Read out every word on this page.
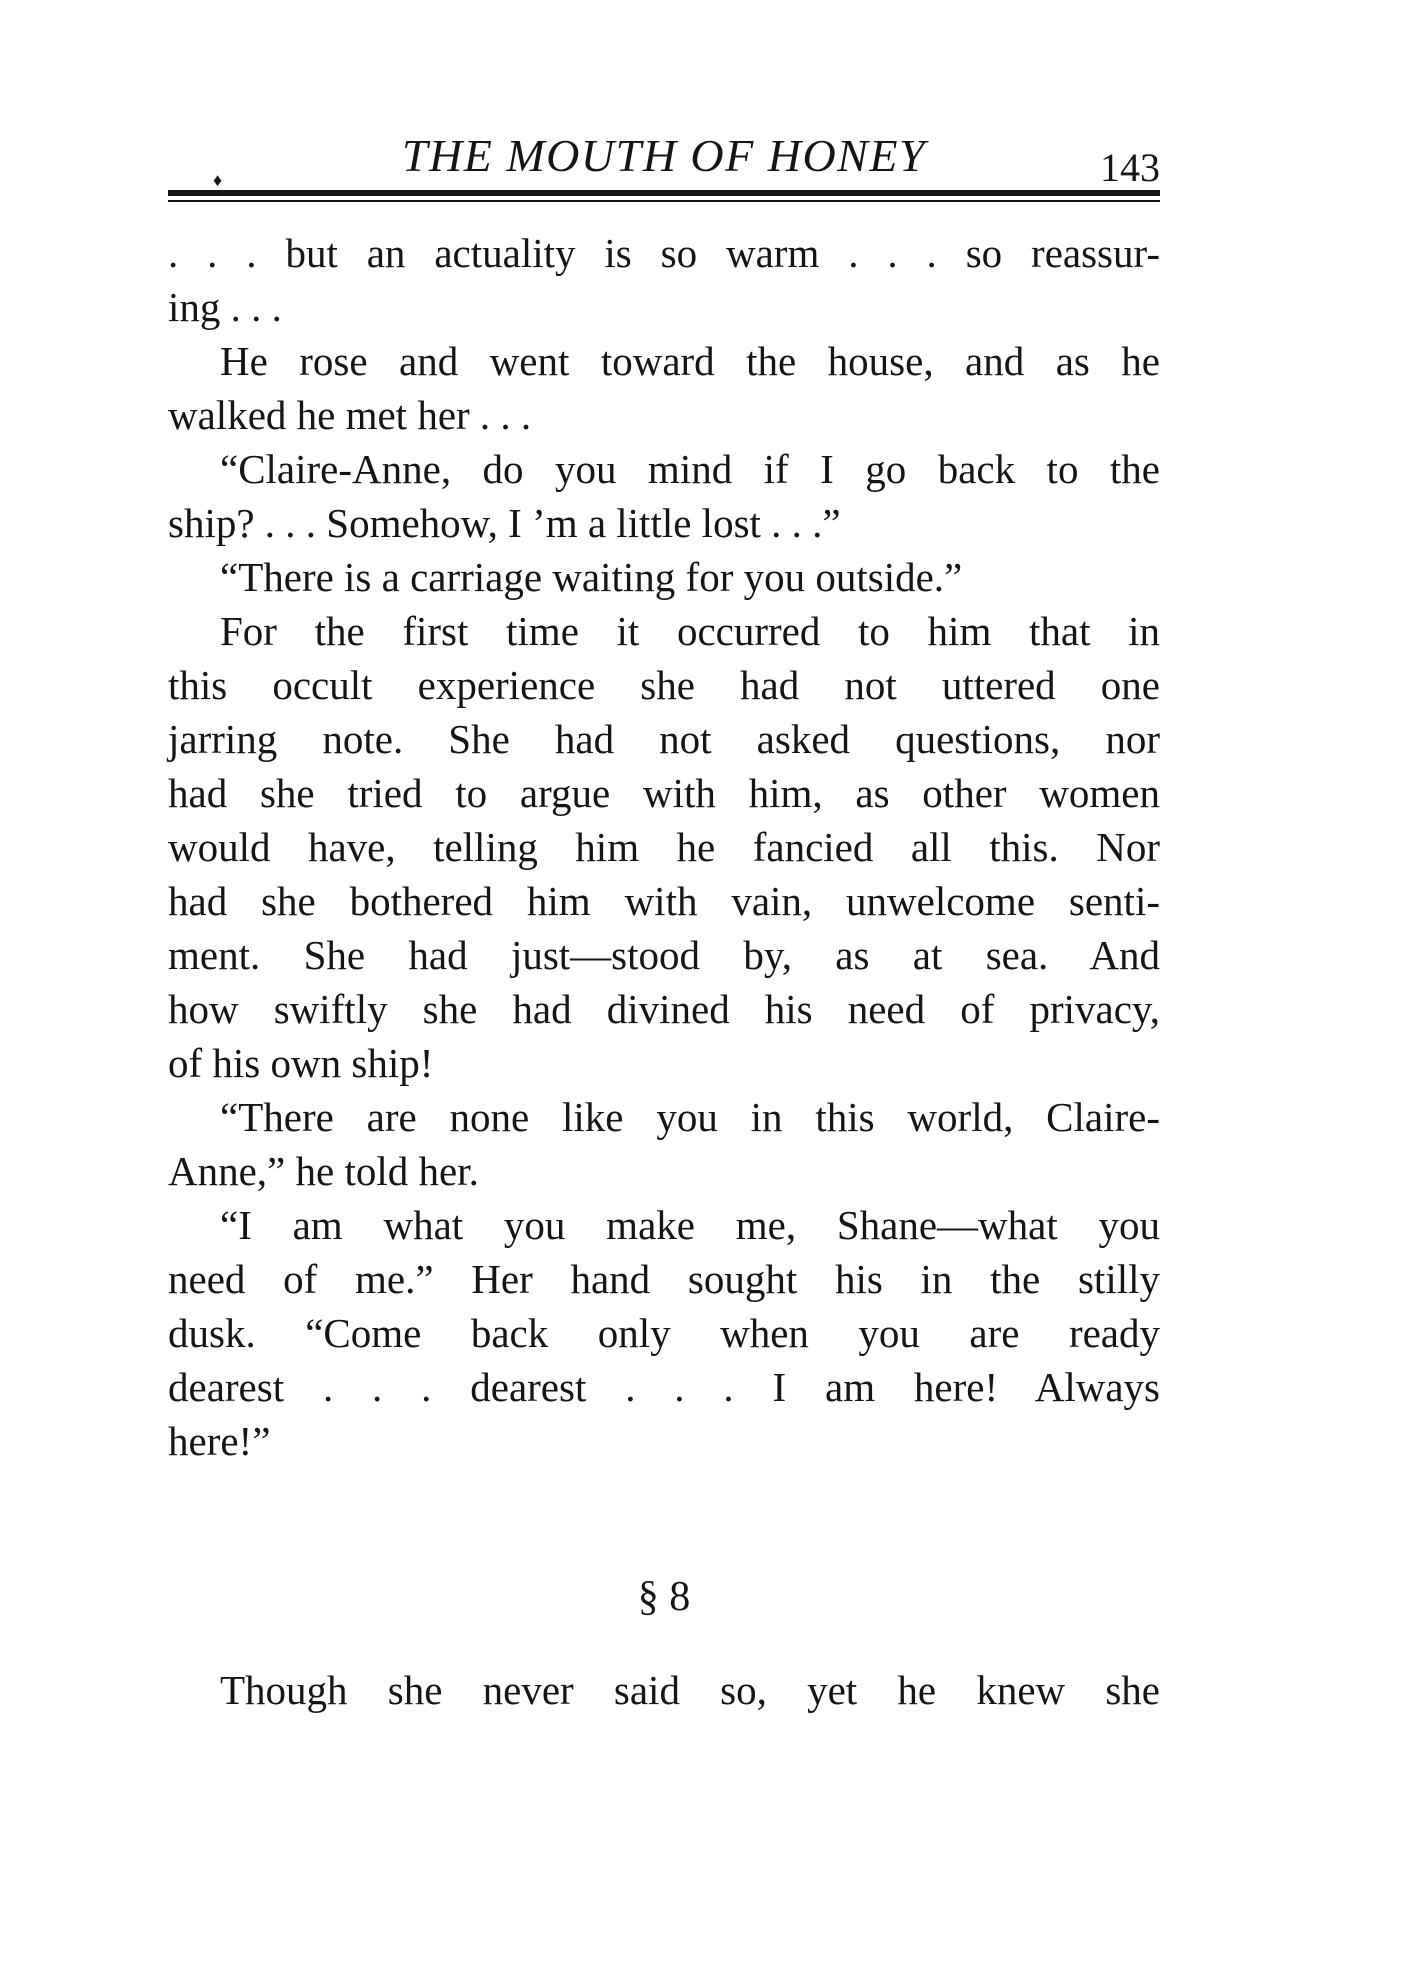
♦	THE MOUTH OF HONEY	143
. . . but an actuality is so warm . . . so reassur-
ing . . .
He rose and went toward the house, and as he
walked he met her . . .
“Claire-Anne, do you mind if I go back to the
ship? . . . Somehow, I ’m a little lost . . .”
“There is a carriage waiting for you outside.”
For the first time it occurred to him that in
this occult experience she had not uttered one
jarring note. She had not asked questions, nor
had she tried to argue with him, as other women
would have, telling him he fancied all this. Nor
had she bothered him with vain, unwelcome senti-
ment. She had just—stood by, as at sea. And
how swiftly she had divined his need of privacy,
of his own ship!
“There are none like you in this world, Claire-
Anne,” he told her.
“I am what you make me, Shane—what you
need of me.” Her hand sought his in the stilly
dusk. “Come back only when you are ready
dearest . . . dearest . . . I am here! Always
here!”
§ 8
Though she never said so, yet he knew she
